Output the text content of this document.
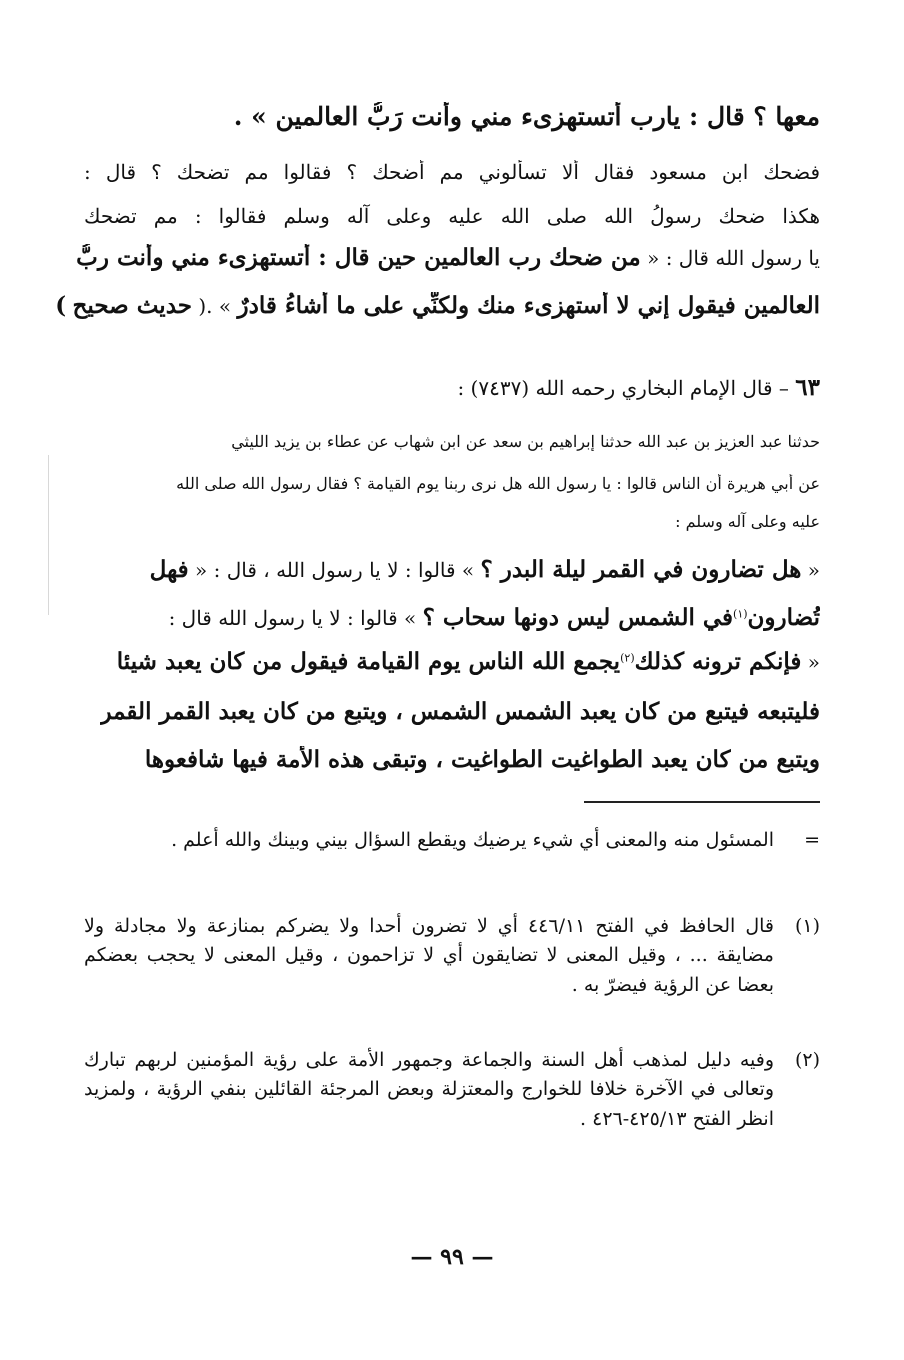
معها ؟ قال : يارب أتستهزىء مني وأنت رَبُّ العالمين » .
فضحك ابن مسعود فقال ألا تسألوني مم أضحك ؟ فقالوا مم تضحك ؟ قال :
هكذا ضحك رسولُ الله صلى الله عليه وعلى آله وسلم فقالوا : مم تضحك
يا رسول الله قال : « من ضحك رب العالمين حين قال : أتستهزىء مني وأنت ربُّ
العالمين فيقول إني لا أستهزىء منك ولكنِّي على ما أشاءُ قادرٌ » .( حديث صحيح )
٦٣ – قال الإمام البخاري رحمه الله (٧٤٣٧) :
حدثنا عبد العزيز بن عبد الله حدثنا إبراهيم بن سعد عن ابن شهاب عن عطاء بن يزيد الليثي
عن أبي هريرة أن الناس قالوا : يا رسول الله هل نرى ربنا يوم القيامة ؟ فقال رسول الله صلى الله
عليه وعلى آله وسلم :
« هل تضارون في القمر ليلة البدر ؟ » قالوا : لا يا رسول الله ، قال : « فهل
تُضارون$^{(١)}$في الشمس ليس دونها سحاب ؟ » قالوا : لا يا رسول الله قال :
« فإنكم ترونه كذلك$^{(٢)}$يجمع الله الناس يوم القيامة فيقول من كان يعبد شيئا
فليتبعه فيتبع من كان يعبد الشمس الشمس ، ويتبع من كان يعبد القمر القمر
ويتبع من كان يعبد الطواغيت الطواغيت ، وتبقى هذه الأمة فيها شافعوها
=
المسئول منه والمعنى أي شيء يرضيك ويقطع السؤال بيني وبينك والله أعلم .
(١)
قال الحافظ في الفتح ٤٤٦/١١ أي لا تضرون أحدا ولا يضركم بمنازعة ولا مجادلة ولا مضايقة ... ، وقيل المعنى لا تضايقون أي لا تزاحمون ، وقيل المعنى لا يحجب بعضكم بعضا عن الرؤية فيضرّ به .
(٢)
وفيه دليل لمذهب أهل السنة والجماعة وجمهور الأمة على رؤية المؤمنين لربهم تبارك وتعالى في الآخرة خلافا للخوارج والمعتزلة وبعض المرجئة القائلين بنفي الرؤية ، ولمزيد انظر الفتح ٤٢٥/١٣-٤٢٦ .
— ٩٩ —
